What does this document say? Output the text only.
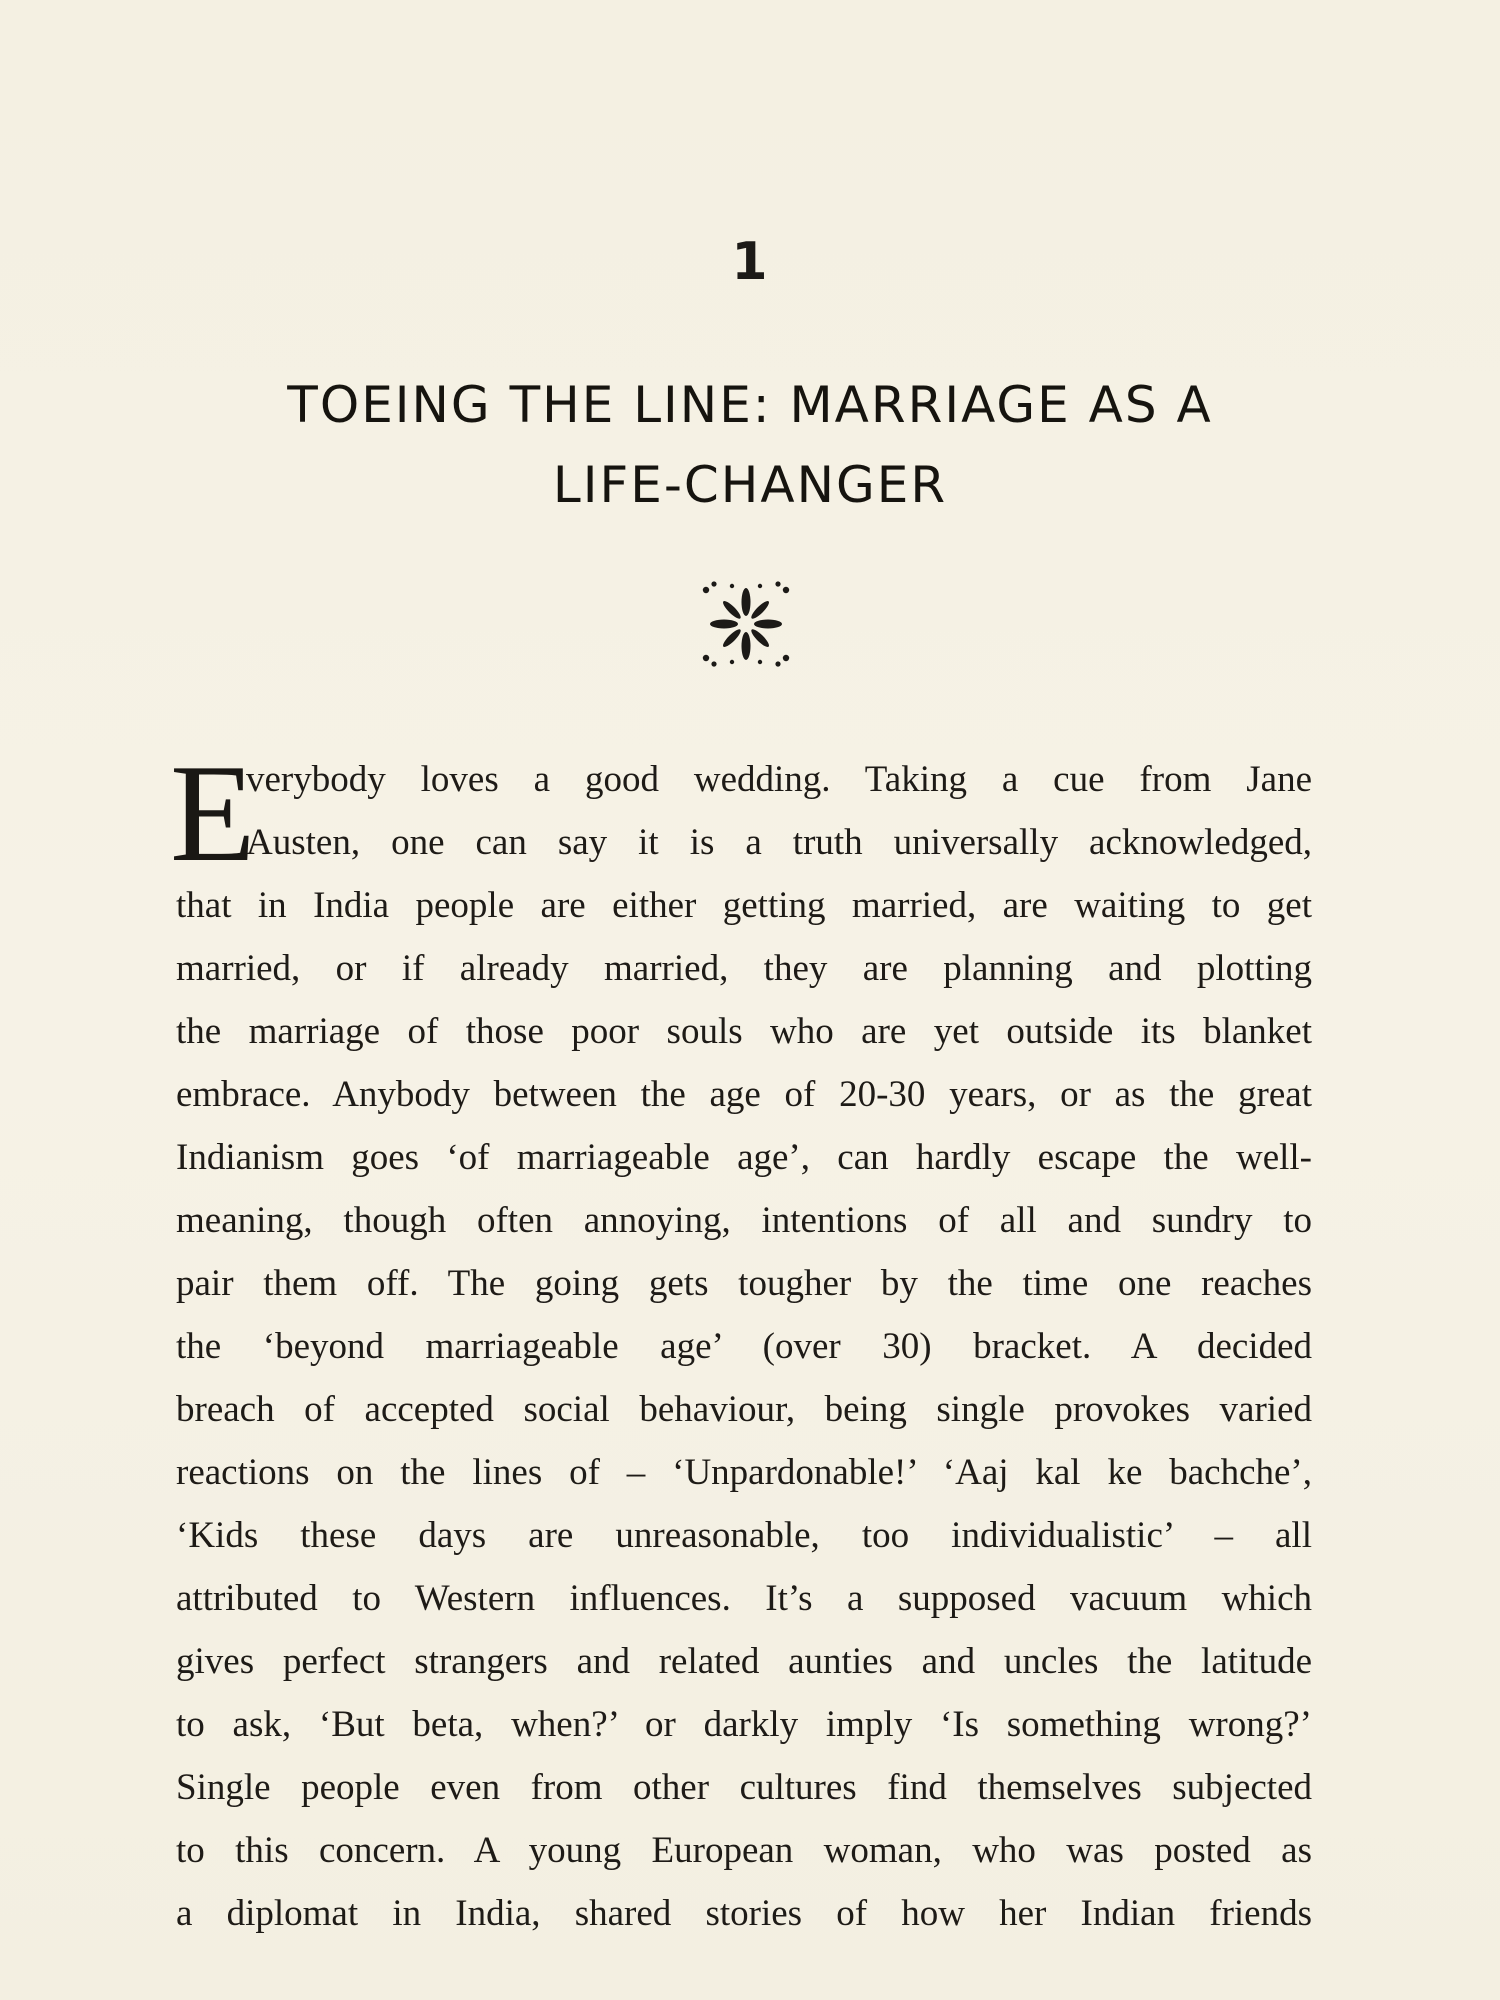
1
TOEING THE LINE: MARRIAGE AS A
LIFE-CHANGER
E
verybody loves a good wedding. Taking a cue from Jane
Austen, one can say it is a truth universally acknowledged,
that in India people are either getting married, are waiting to get
married, or if already married, they are planning and plotting
the marriage of those poor souls who are yet outside its blanket
embrace. Anybody between the age of 20-30 years, or as the great
Indianism goes ‘of marriageable age’, can hardly escape the well-
meaning, though often annoying, intentions of all and sundry to
pair them off. The going gets tougher by the time one reaches
the ‘beyond marriageable age’ (over 30) bracket. A decided
breach of accepted social behaviour, being single provokes varied
reactions on the lines of – ‘Unpardonable!’ ‘Aaj kal ke bachche’,
‘Kids these days are unreasonable, too individualistic’ – all
attributed to Western influences. It’s a supposed vacuum which
gives perfect strangers and related aunties and uncles the latitude
to ask, ‘But beta, when?’ or darkly imply ‘Is something wrong?’
Single people even from other cultures find themselves subjected
to this concern. A young European woman, who was posted as
a diplomat in India, shared stories of how her Indian friends
